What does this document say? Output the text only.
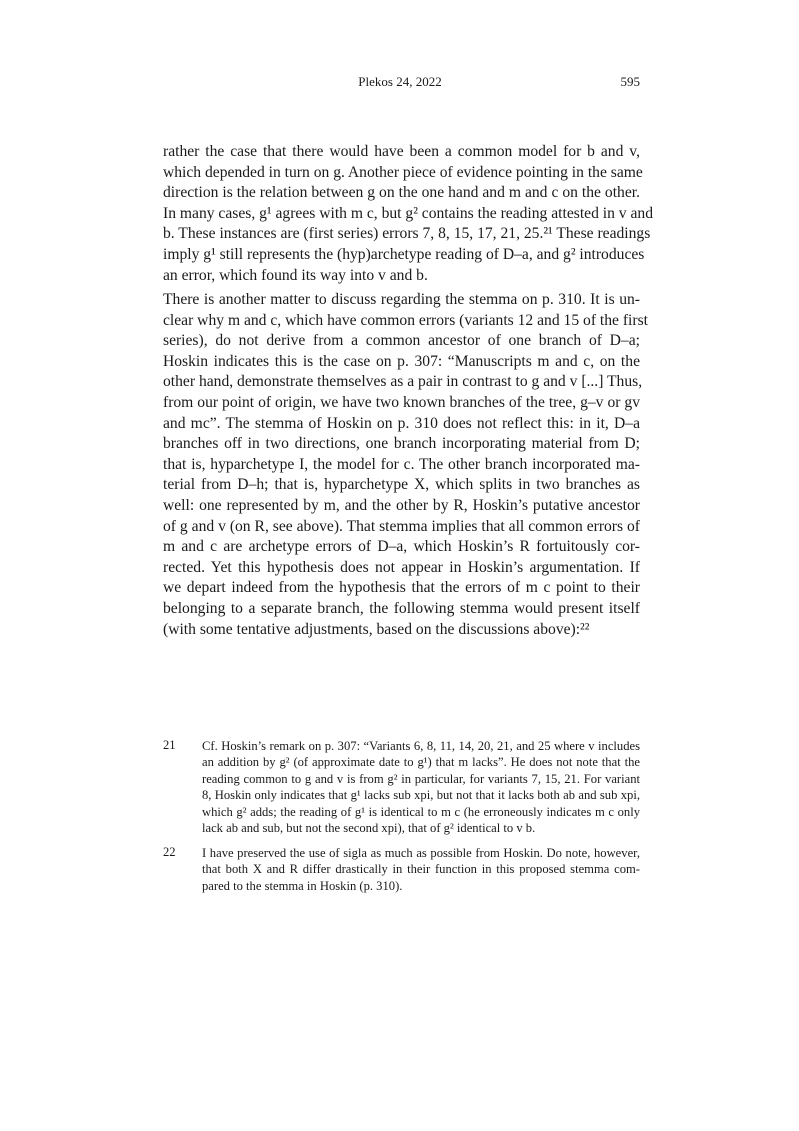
Plekos 24, 2022	595
rather the case that there would have been a common model for b and v,
which depended in turn on g. Another piece of evidence pointing in the same
direction is the relation between g on the one hand and m and c on the other.
In many cases, g¹ agrees with m c, but g² contains the reading attested in v and
b. These instances are (first series) errors 7, 8, 15, 17, 21, 25.²¹ These readings
imply g¹ still represents the (hyp)archetype reading of D–a, and g² introduces
an error, which found its way into v and b.
There is another matter to discuss regarding the stemma on p. 310. It is un-
clear why m and c, which have common errors (variants 12 and 15 of the first
series), do not derive from a common ancestor of one branch of D–a;
Hoskin indicates this is the case on p. 307: “Manuscripts m and c, on the
other hand, demonstrate themselves as a pair in contrast to g and v [...] Thus,
from our point of origin, we have two known branches of the tree, g–v or gv
and mc”. The stemma of Hoskin on p. 310 does not reflect this: in it, D–a
branches off in two directions, one branch incorporating material from D;
that is, hyparchetype I, the model for c. The other branch incorporated ma-
terial from D–h; that is, hyparchetype X, which splits in two branches as
well: one represented by m, and the other by R, Hoskin’s putative ancestor
of g and v (on R, see above). That stemma implies that all common errors of
m and c are archetype errors of D–a, which Hoskin’s R fortuitously cor-
rected. Yet this hypothesis does not appear in Hoskin’s argumentation. If
we depart indeed from the hypothesis that the errors of m c point to their
belonging to a separate branch, the following stemma would present itself
(with some tentative adjustments, based on the discussions above):²²
21	Cf. Hoskin’s remark on p. 307: “Variants 6, 8, 11, 14, 20, 21, and 25 where v includes
an addition by g² (of approximate date to g¹) that m lacks”. He does not note that the
reading common to g and v is from g² in particular, for variants 7, 15, 21. For variant
8, Hoskin only indicates that g¹ lacks sub xpi, but not that it lacks both ab and sub xpi,
which g² adds; the reading of g¹ is identical to m c (he erroneously indicates m c only
lack ab and sub, but not the second xpi), that of g² identical to v b.
22	I have preserved the use of sigla as much as possible from Hoskin. Do note, however,
that both X and R differ drastically in their function in this proposed stemma com-
pared to the stemma in Hoskin (p. 310).
